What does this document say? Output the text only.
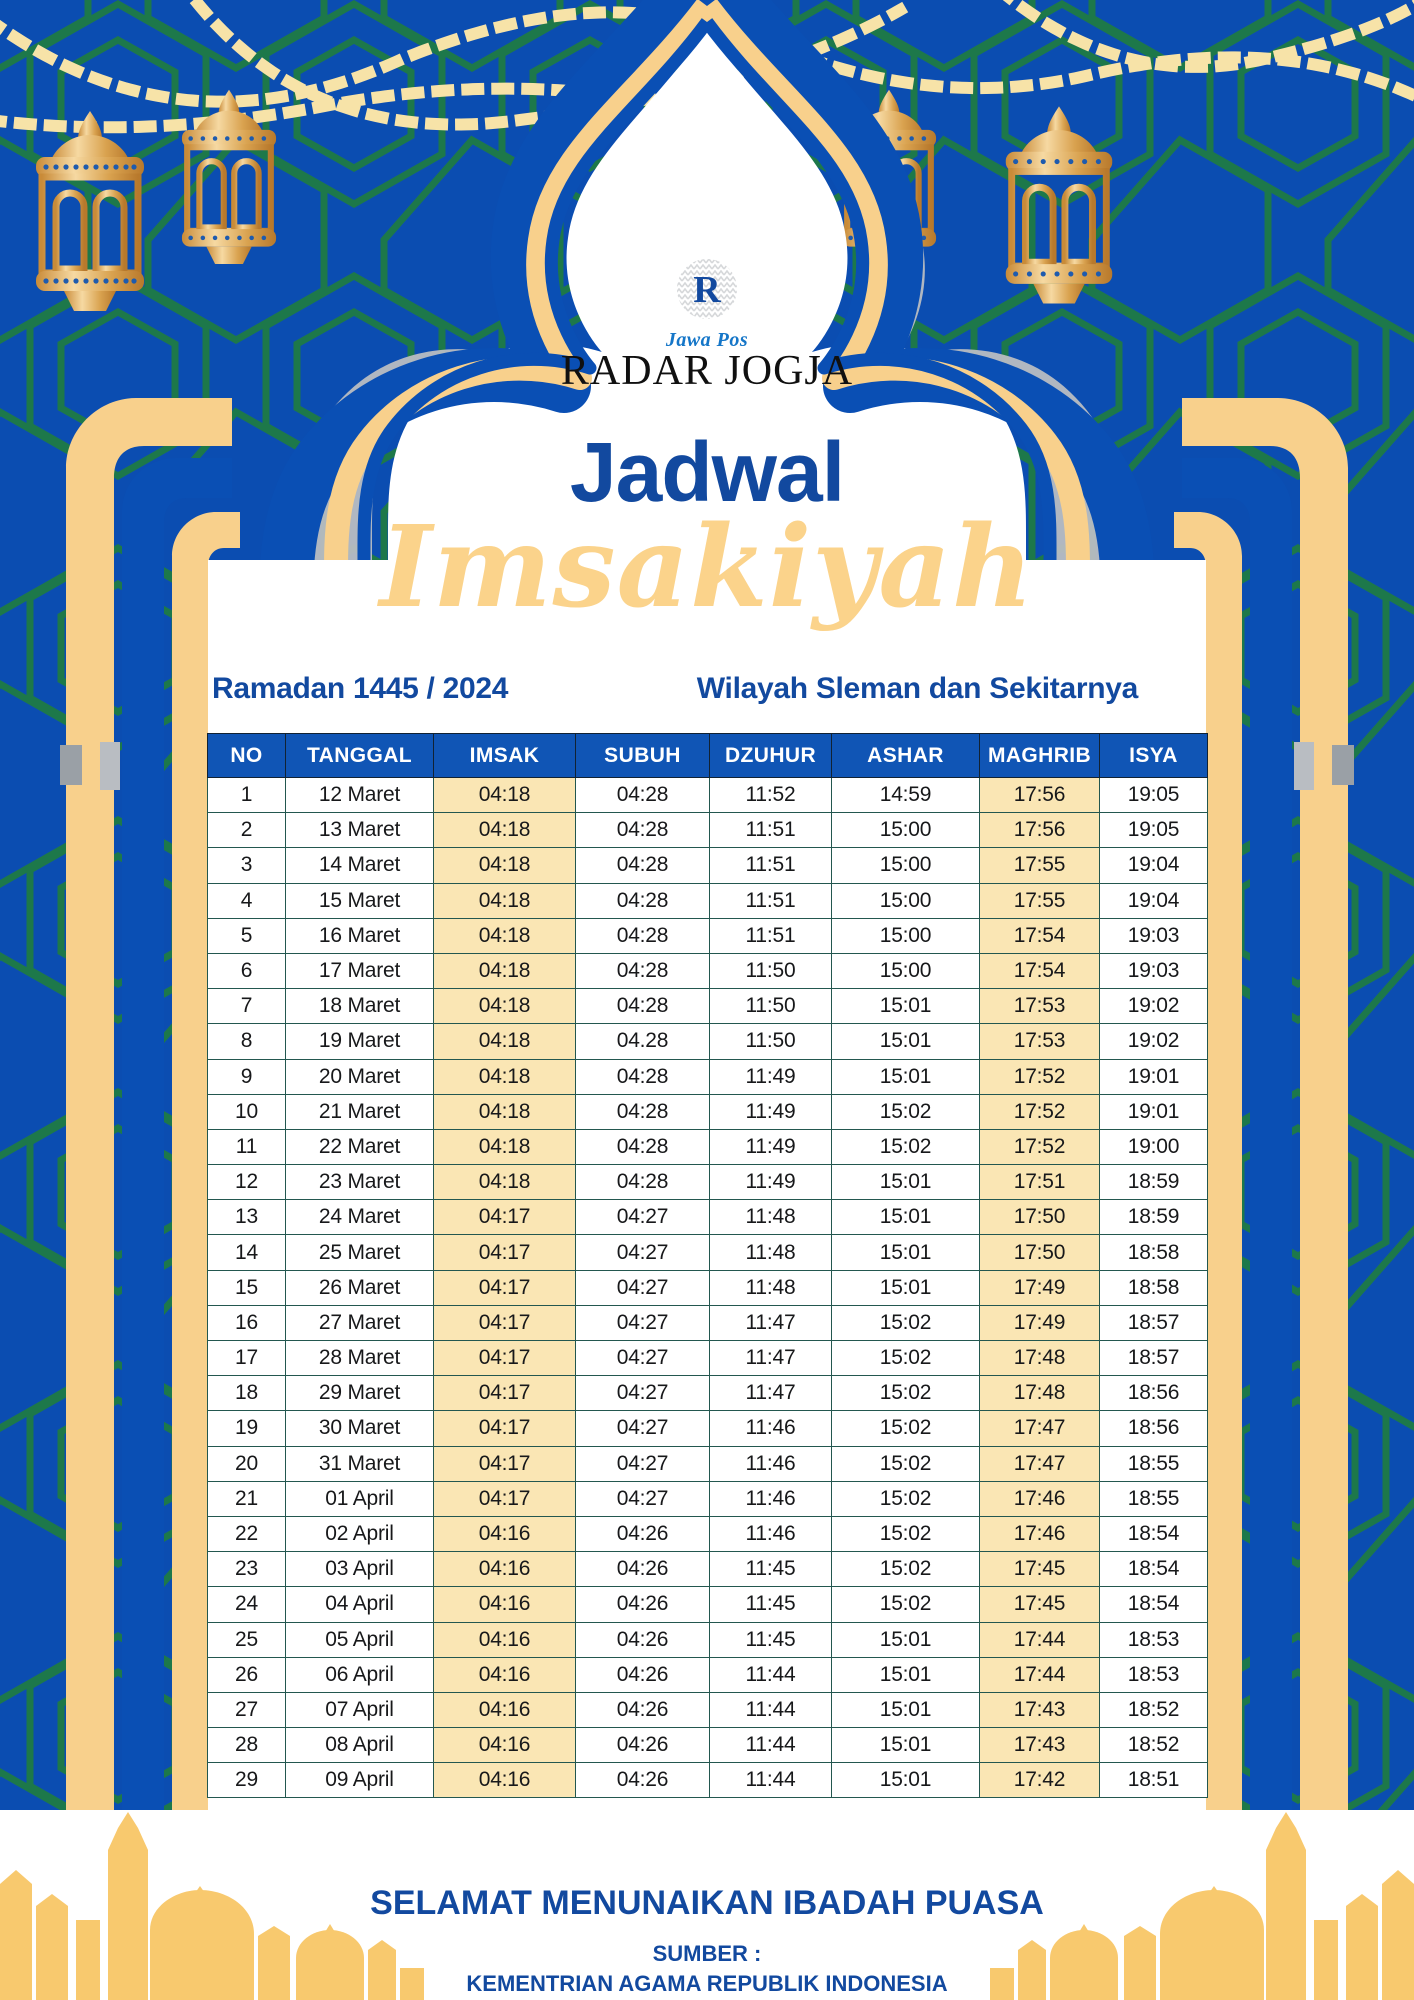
R
Jawa Pos
RADAR JOGJA
Jadwal
Imsakiyah
Ramadan 1445 / 2024	Wilayah Sleman dan Sekitarnya
NO	TANGGAL	IMSAK	SUBUH	DZUHUR	ASHAR	MAGHRIB	ISYA
1	12 Maret	04:18	04:28	11:52	14:59	17:56	19:05
2	13 Maret	04:18	04:28	11:51	15:00	17:56	19:05
3	14 Maret	04:18	04:28	11:51	15:00	17:55	19:04
4	15 Maret	04:18	04:28	11:51	15:00	17:55	19:04
5	16 Maret	04:18	04:28	11:51	15:00	17:54	19:03
6	17 Maret	04:18	04:28	11:50	15:00	17:54	19:03
7	18 Maret	04:18	04:28	11:50	15:01	17:53	19:02
8	19 Maret	04:18	04.28	11:50	15:01	17:53	19:02
9	20 Maret	04:18	04:28	11:49	15:01	17:52	19:01
10	21 Maret	04:18	04:28	11:49	15:02	17:52	19:01
11	22 Maret	04:18	04:28	11:49	15:02	17:52	19:00
12	23 Maret	04:18	04:28	11:49	15:01	17:51	18:59
13	24 Maret	04:17	04:27	11:48	15:01	17:50	18:59
14	25 Maret	04:17	04:27	11:48	15:01	17:50	18:58
15	26 Maret	04:17	04:27	11:48	15:01	17:49	18:58
16	27 Maret	04:17	04:27	11:47	15:02	17:49	18:57
17	28 Maret	04:17	04:27	11:47	15:02	17:48	18:57
18	29 Maret	04:17	04:27	11:47	15:02	17:48	18:56
19	30 Maret	04:17	04:27	11:46	15:02	17:47	18:56
20	31 Maret	04:17	04:27	11:46	15:02	17:47	18:55
21	01 April	04:17	04:27	11:46	15:02	17:46	18:55
22	02 April	04:16	04:26	11:46	15:02	17:46	18:54
23	03 April	04:16	04:26	11:45	15:02	17:45	18:54
24	04 April	04:16	04:26	11:45	15:02	17:45	18:54
25	05 April	04:16	04:26	11:45	15:01	17:44	18:53
26	06 April	04:16	04:26	11:44	15:01	17:44	18:53
27	07 April	04:16	04:26	11:44	15:01	17:43	18:52
28	08 April	04:16	04:26	11:44	15:01	17:43	18:52
29	09 April	04:16	04:26	11:44	15:01	17:42	18:51
SELAMAT MENUNAIKAN IBADAH PUASA
SUMBER :
KEMENTRIAN AGAMA REPUBLIK INDONESIA
